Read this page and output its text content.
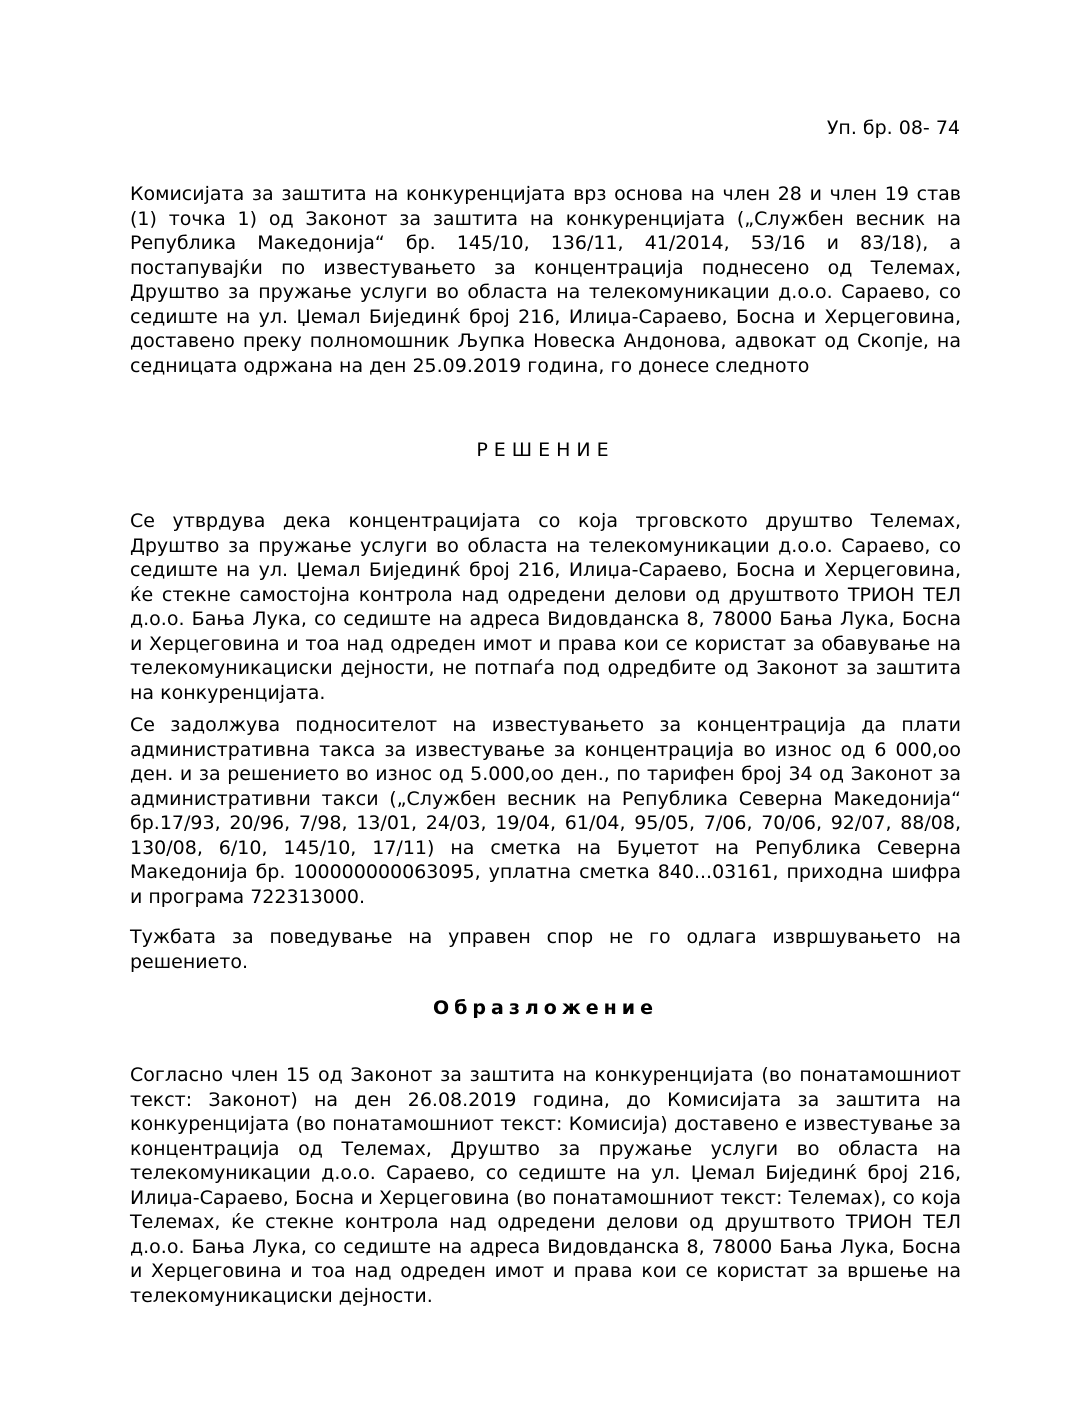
Уп. бр. 08- 74

Комисијата за заштита на конкуренцијата врз основа на член 28 и член 19 став (1) точка 1) од Законот за заштита на конкуренцијата („Службен весник на Република Македонија“ бр. 145/10, 136/11, 41/2014, 53/16 и 83/18), а постапувајќи по известувањето за концентрација поднесено од Телемах, Друштво за пружање услуги во областа на телекомуникации д.о.о. Сараево, со седиште на ул. Џемал Бијединќ број 216, Илиџа-Сараево, Босна и Херцеговина, доставено преку полномошник Љупка Новеска Андонова, адвокат од Скопје, на седницата одржана на ден 25.09.2019 година, го донесе следното

РЕШЕНИЕ

Се утврдува дека концентрацијата со која трговското друштво Телемах, Друштво за пружање услуги во областа на телекомуникации д.о.о. Сараево, со седиште на ул. Џемал Бијединќ број 216, Илиџа-Сараево, Босна и Херцеговина, ќе стекне самостојна контрола над одредени делови од друштвото ТРИОН ТЕЛ д.о.о. Бања Лука, со седиште на адреса Видовданска 8, 78000 Бања Лука, Босна и Херцеговина и тоа над одреден имот и права кои се користат за обавување на телекомуникациски дејности, не потпаѓа под одредбите од Законот за заштита на конкуренцијата.

Се задолжува подносителот на известувањето за концентрација да плати административна такса за известување за концентрација во износ од 6 000,оо ден. и за решението во износ од 5.000,оо ден., по тарифен број 34 од Законот за административни такси („Службен весник на Република Северна Македонија“ бр.17/93, 20/96, 7/98, 13/01, 24/03, 19/04, 61/04, 95/05, 7/06, 70/06, 92/07, 88/08, 130/08, 6/10, 145/10, 17/11) на сметка на Буџетот на Република Северна Македонија бр. 100000000063095, уплатна сметка 840...03161, приходна шифра и програма 722313000.

Тужбата за поведување на управен спор не го одлага извршувањето на решението.

Образложение

Согласно член 15 од Законот за заштита на конкуренцијата (во понатамошниот текст: Законот) на ден 26.08.2019 година, до Комисијата за заштита на конкуренцијата (во понатамошниот текст: Комисија) доставено е известување за концентрација од Телемах, Друштво за пружање услуги во областа на телекомуникации д.о.о. Сараево, со седиште на ул. Џемал Бијединќ број 216, Илиџа-Сараево, Босна и Херцеговина (во понатамошниот текст: Телемах), со која Телемах, ќе стекне контрола над одредени делови од друштвото ТРИОН ТЕЛ д.о.о. Бања Лука, со седиште на адреса Видовданска 8, 78000 Бања Лука, Босна и Херцеговина и тоа над одреден имот и права кои се користат за вршење на телекомуникациски дејности.
